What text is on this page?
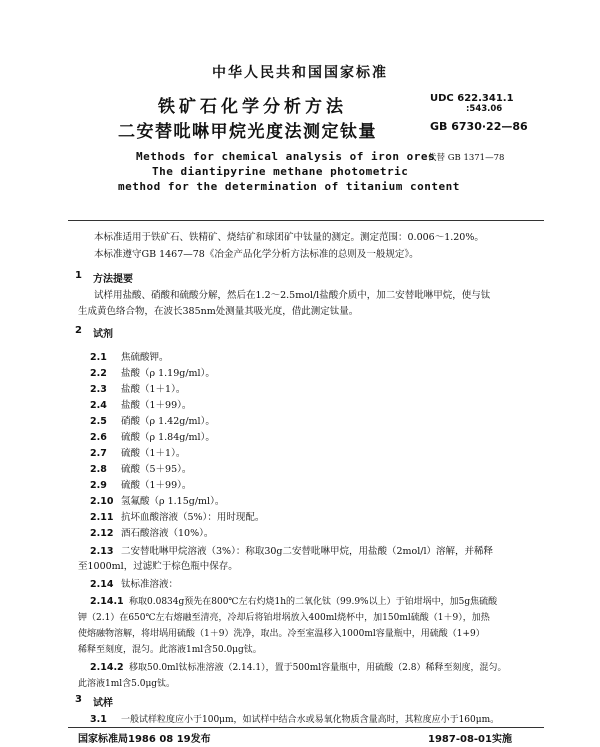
中华人民共和国国家标准
铁矿石化学分析方法
二安替吡啉甲烷光度法测定钛量
UDC 622.341.1
:543.06
GB 6730·22—86
Methods for chemical analysis of iron ores
代替 GB 1371—78
The diantipyrine methane photometric
method for the determination of titanium content
本标准适用于铁矿石、铁精矿、烧结矿和球团矿中钛量的测定。测定范围：0.006～1.20%。
本标准遵守GB 1467—78《冶金产品化学分析方法标准的总则及一般规定》。
1 方法提要
试样用盐酸、硝酸和硫酸分解，然后在1.2～2.5mol/l盐酸介质中，加二安替吡啉甲烷，使与钛
生成黄色络合物，在波长385nm处测量其吸光度，借此测定钛量。
2 试剂
2.1 焦硫酸钾。
2.2 盐酸（ρ 1.19g/ml）。
2.3 盐酸（1＋1）。
2.4 盐酸（1＋99）。
2.5 硝酸（ρ 1.42g/ml）。
2.6 硫酸（ρ 1.84g/ml）。
2.7 硫酸（1＋1）。
2.8 硫酸（5＋95）。
2.9 硫酸（1＋99）。
2.10 氢氟酸（ρ 1.15g/ml）。
2.11 抗坏血酸溶液（5%）：用时现配。
2.12 酒石酸溶液（10%）。
2.13 二安替吡啉甲烷溶液（3%）：称取30g二安替吡啉甲烷，用盐酸（2mol/l）溶解，并稀释
至1000ml，过滤贮于棕色瓶中保存。
2.14 钛标准溶液：
2.14.1 称取0.0834g预先在800℃左右灼烧1h的二氧化钛（99.9%以上）于铂坩埚中，加5g焦硫酸
钾（2.1）在650℃左右熔融至清亮，冷却后将铂坩埚放入400ml烧杯中，加150ml硫酸（1＋9），加热
使熔融物溶解，将坩埚用硫酸（1＋9）洗净，取出。冷至室温移入1000ml容量瓶中，用硫酸（1+9）
稀释至刻度，混匀。此溶液1ml含50.0μg钛。
2.14.2 移取50.0ml钛标准溶液（2.14.1），置于500ml容量瓶中，用硫酸（2.8）稀释至刻度，混匀。
此溶液1ml含5.0μg钛。
3 试样
3.1 一般试样粒度应小于100μm，如试样中结合水或易氧化物质含量高时，其粒度应小于160μm。
国家标准局1986 08 19发布	1987-08-01实施
